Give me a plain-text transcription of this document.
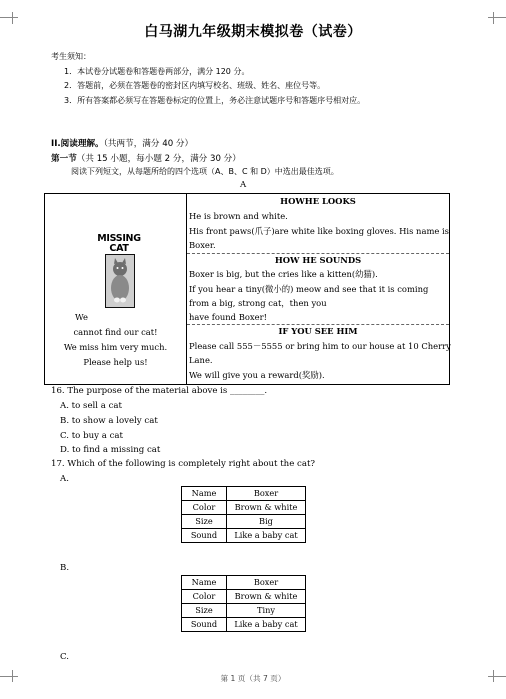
白马湖九年级期末模拟卷（试卷）
考生须知：
1．本试卷分试题卷和答题卷两部分，满分 120 分。
2．答题前，必须在答题卷的密封区内填写校名、班级、姓名、座位号等。
3．所有答案都必须写在答题卷标定的位置上，务必注意试题序号和答题序号相对应。
II.阅读理解。（共两节，满分 40 分）
第一节（共 15 小题，每小题 2 分，满分 30 分）
阅读下列短文，从每题所给的四个选项（A、B、C 和 D）中选出最佳选项。
A
MISSING
CAT
We
cannot find our cat!
We miss him very much.
Please help us!
HOWHE LOOKS
He is brown and white.
His front paws(爪子)are white like boxing gloves. His name is
Boxer.
HOW HE SOUNDS
Boxer is big, but the cries like a kitten(幼猫).
If you hear a tiny(微小的) meow and see that it is coming
from a big, strong cat，then you
have found Boxer!
IF YOU SEE HIM
Please call 555－5555 or bring him to our house at 10 Cherry
Lane.
We will give you a reward(奖励).
16. The purpose of the material above is ________.
A. to sell a cat
B. to show a lovely cat
C. to buy a cat
D. to find a missing cat
17. Which of the following is completely right about the cat?
A.
Name	Boxer
Color	Brown & white
Size	Big
Sound	Like a baby cat
B.
Name	Boxer
Color	Brown & white
Size	Tiny
Sound	Like a baby cat
C.
第 1 页（共 7 页）
